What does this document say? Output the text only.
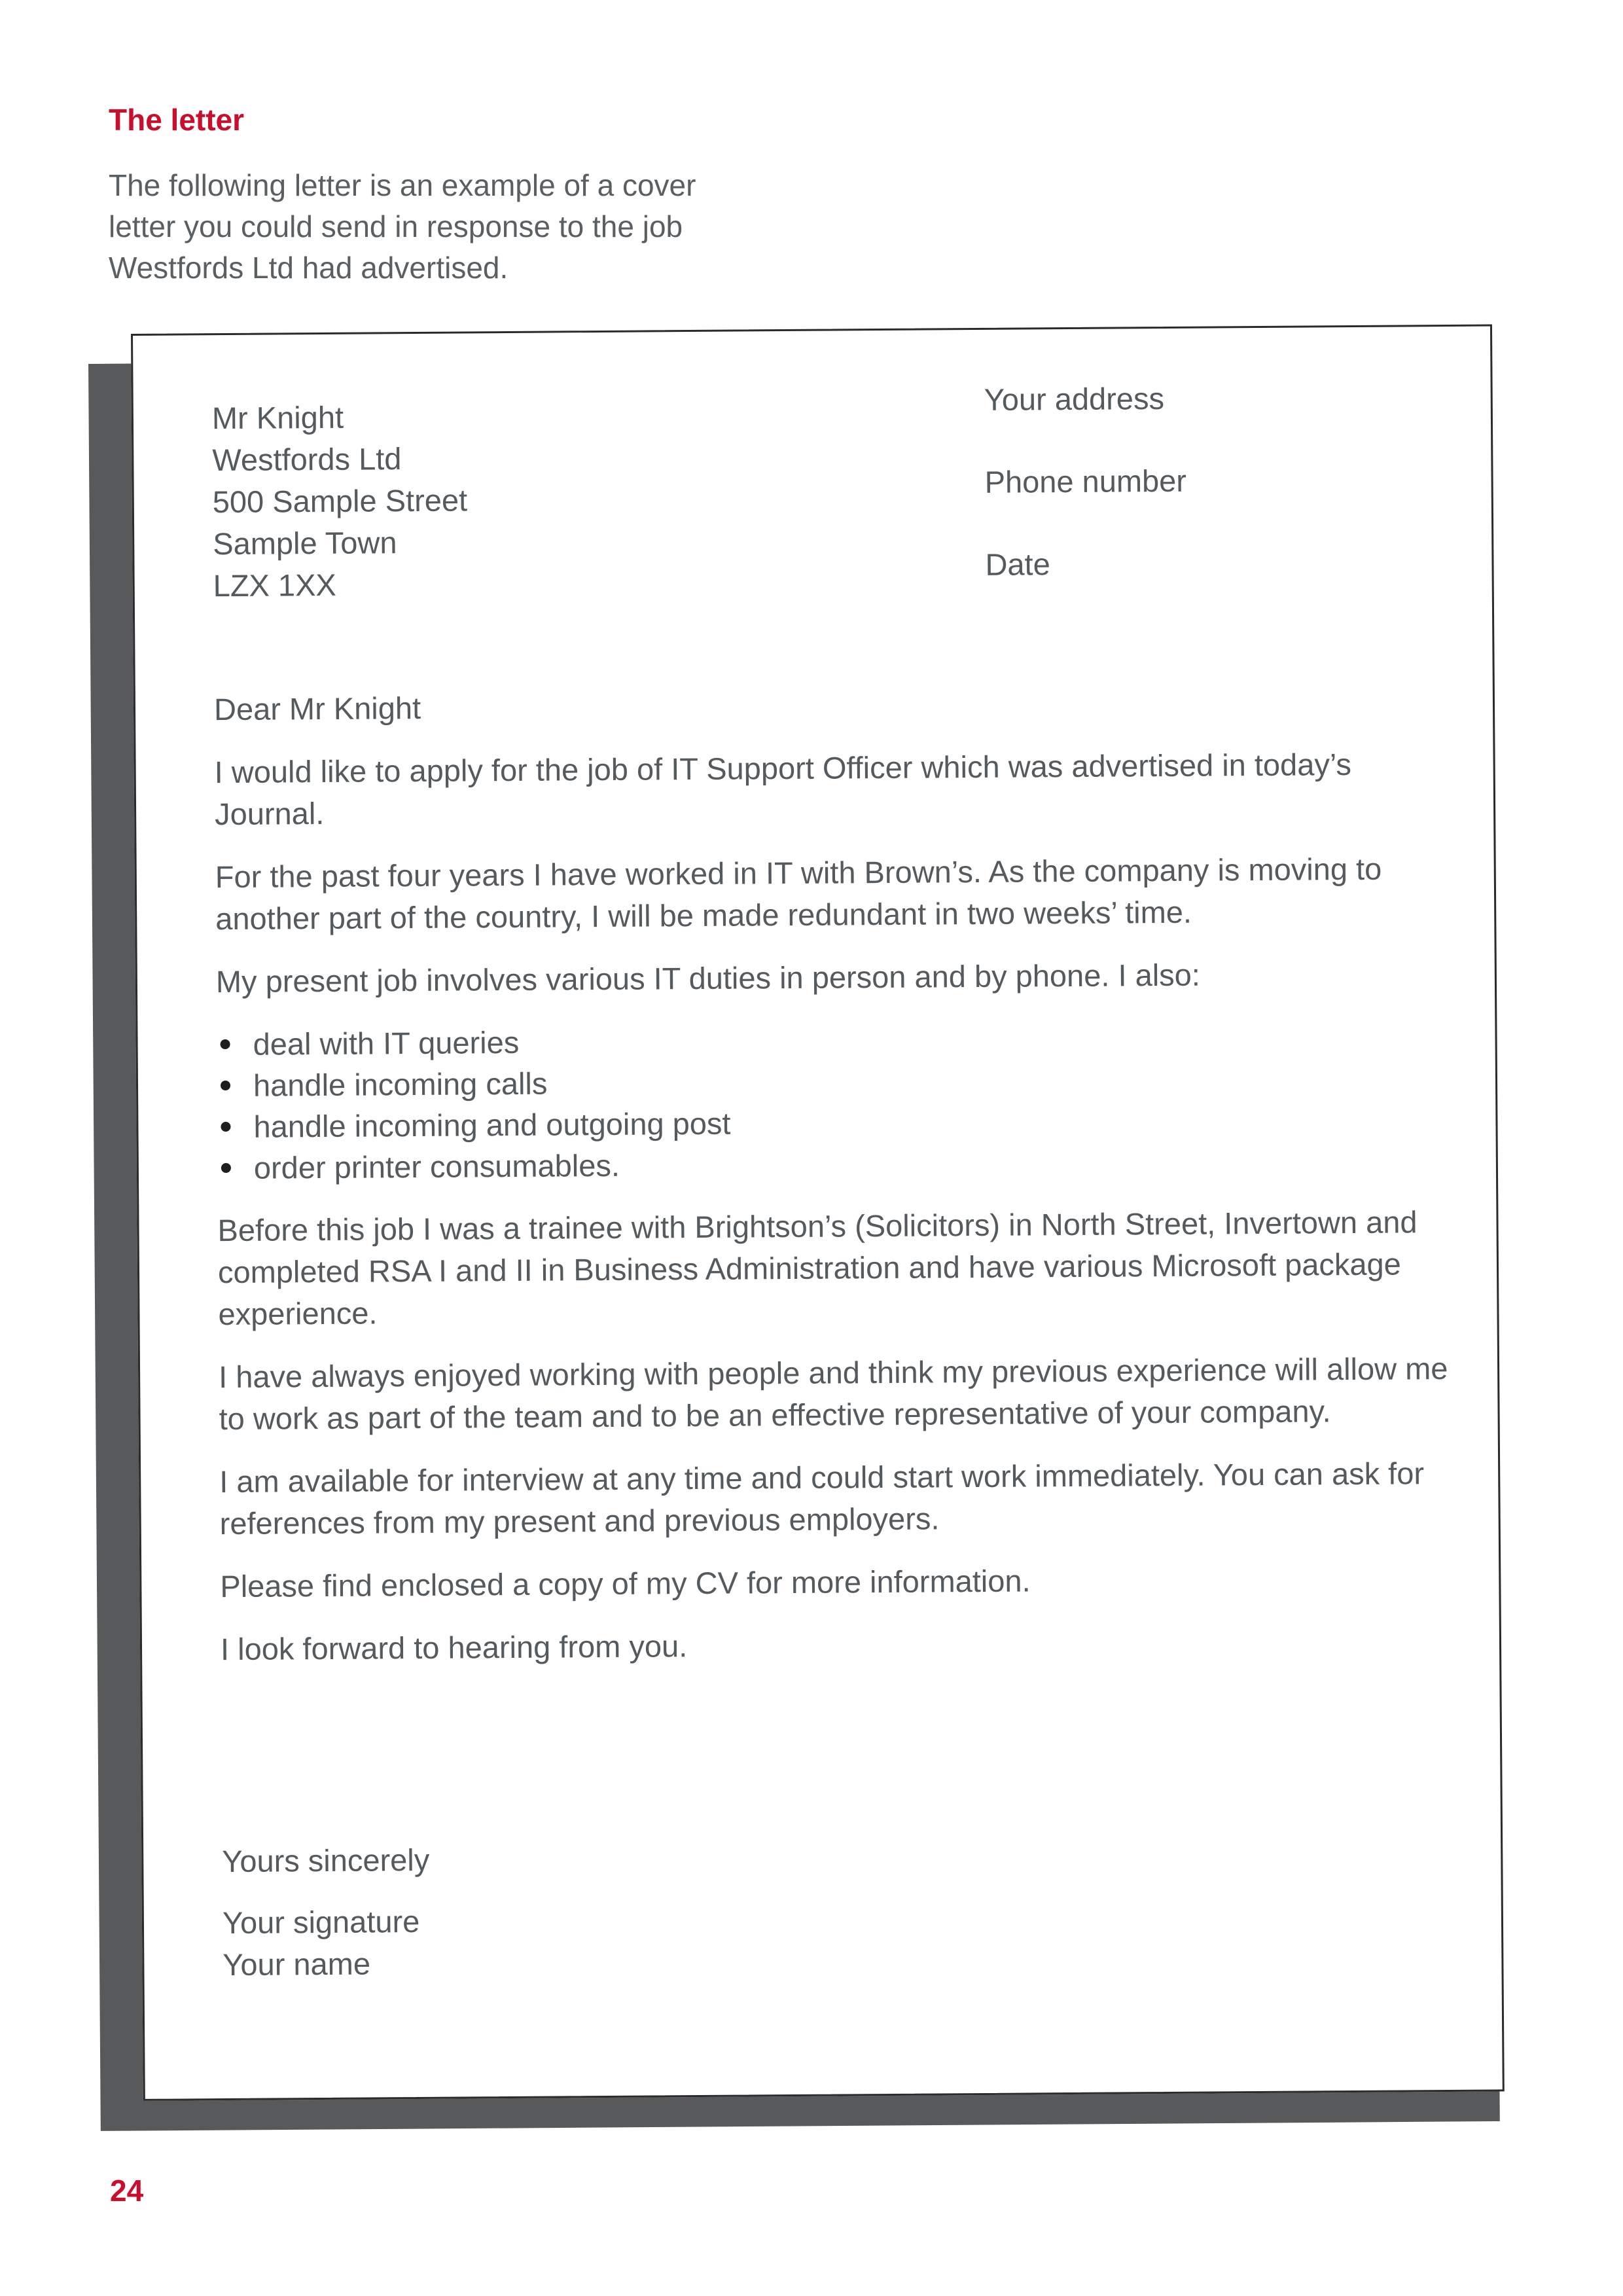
The letter

The following letter is an example of a cover letter you could send in response to the job Westfords Ltd had advertised.

Mr Knight

Westfords Ltd

500 Sample Street

Sample Town

LZX 1XX

Your address

Phone number

Date

Dear Mr Knight

I would like to apply for the job of IT Support Officer which was advertised in today’s Journal.

For the past four years I have worked in IT with Brown’s. As the company is moving to another part of the country, I will be made redundant in two weeks’ time.

My present job involves various IT duties in person and by phone. I also:

deal with IT queries
handle incoming calls
handle incoming and outgoing post
order printer consumables.

Before this job I was a trainee with Brightson’s (Solicitors) in North Street, Invertown and completed RSA I and II in Business Administration and have various Microsoft package experience.

I have always enjoyed working with people and think my previous experience will allow me to work as part of the team and to be an effective representative of your company.

I am available for interview at any time and could start work immediately. You can ask for references from my present and previous employers.

Please find enclosed a copy of my CV for more information.

I look forward to hearing from you.

Yours sincerely

Your signature

Your name

24
